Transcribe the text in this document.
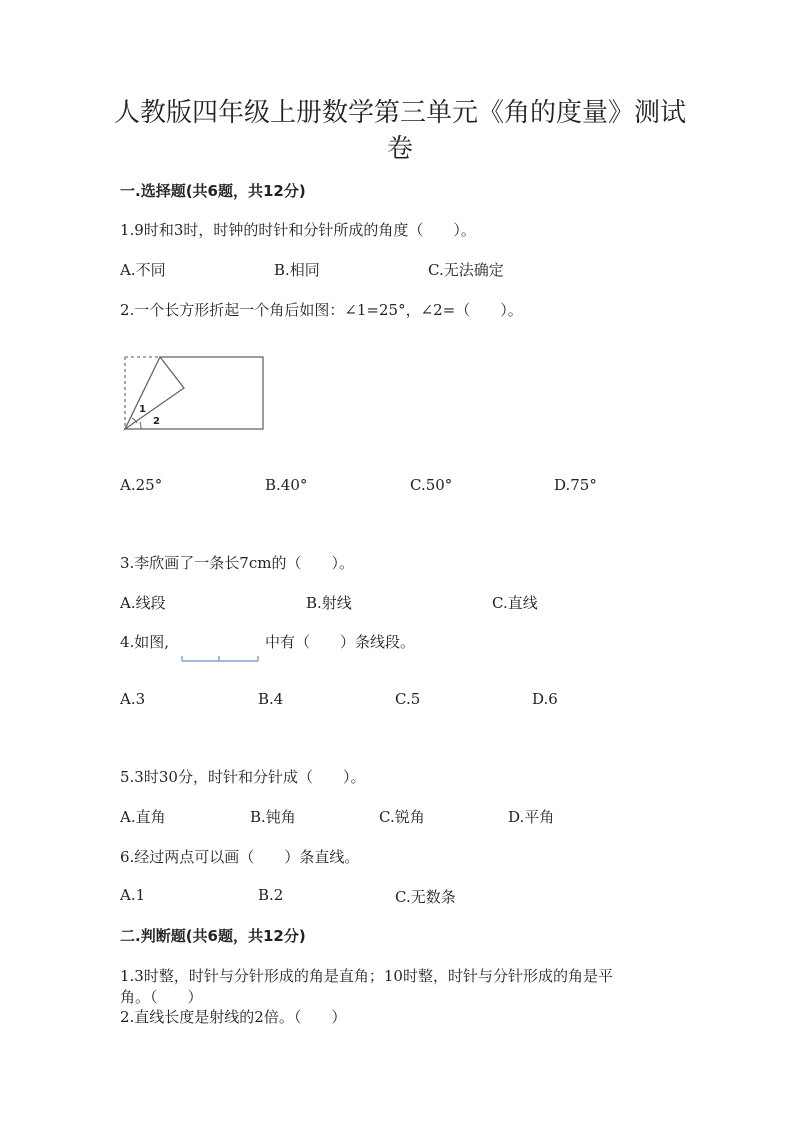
人教版四年级上册数学第三单元《角的度量》测试
卷
一.选择题(共6题，共12分)
1.9时和3时，时钟的时针和分针所成的角度（　　）。
A.不同	B.相同	C.无法确定
2.一个长方形折起一个角后如图：∠1=25°，∠2=（　　）。
1
2
A.25°	B.40°	C.50°	D.75°
3.李欣画了一条长7cm的（　　）。
A.线段	B.射线	C.直线
4.如图,	中有（　　）条线段。
A.3	B.4	C.5	D.6
5.3时30分，时针和分针成（　　）。
A.直角	B.钝角	C.锐角	D.平角
6.经过两点可以画（　　）条直线。
A.1	B.2	C.无数条
二.判断题(共6题，共12分)
1.3时整，时针与分针形成的角是直角；10时整，时针与分针形成的角是平
角。（　　）
2.直线长度是射线的2倍。（　　）
